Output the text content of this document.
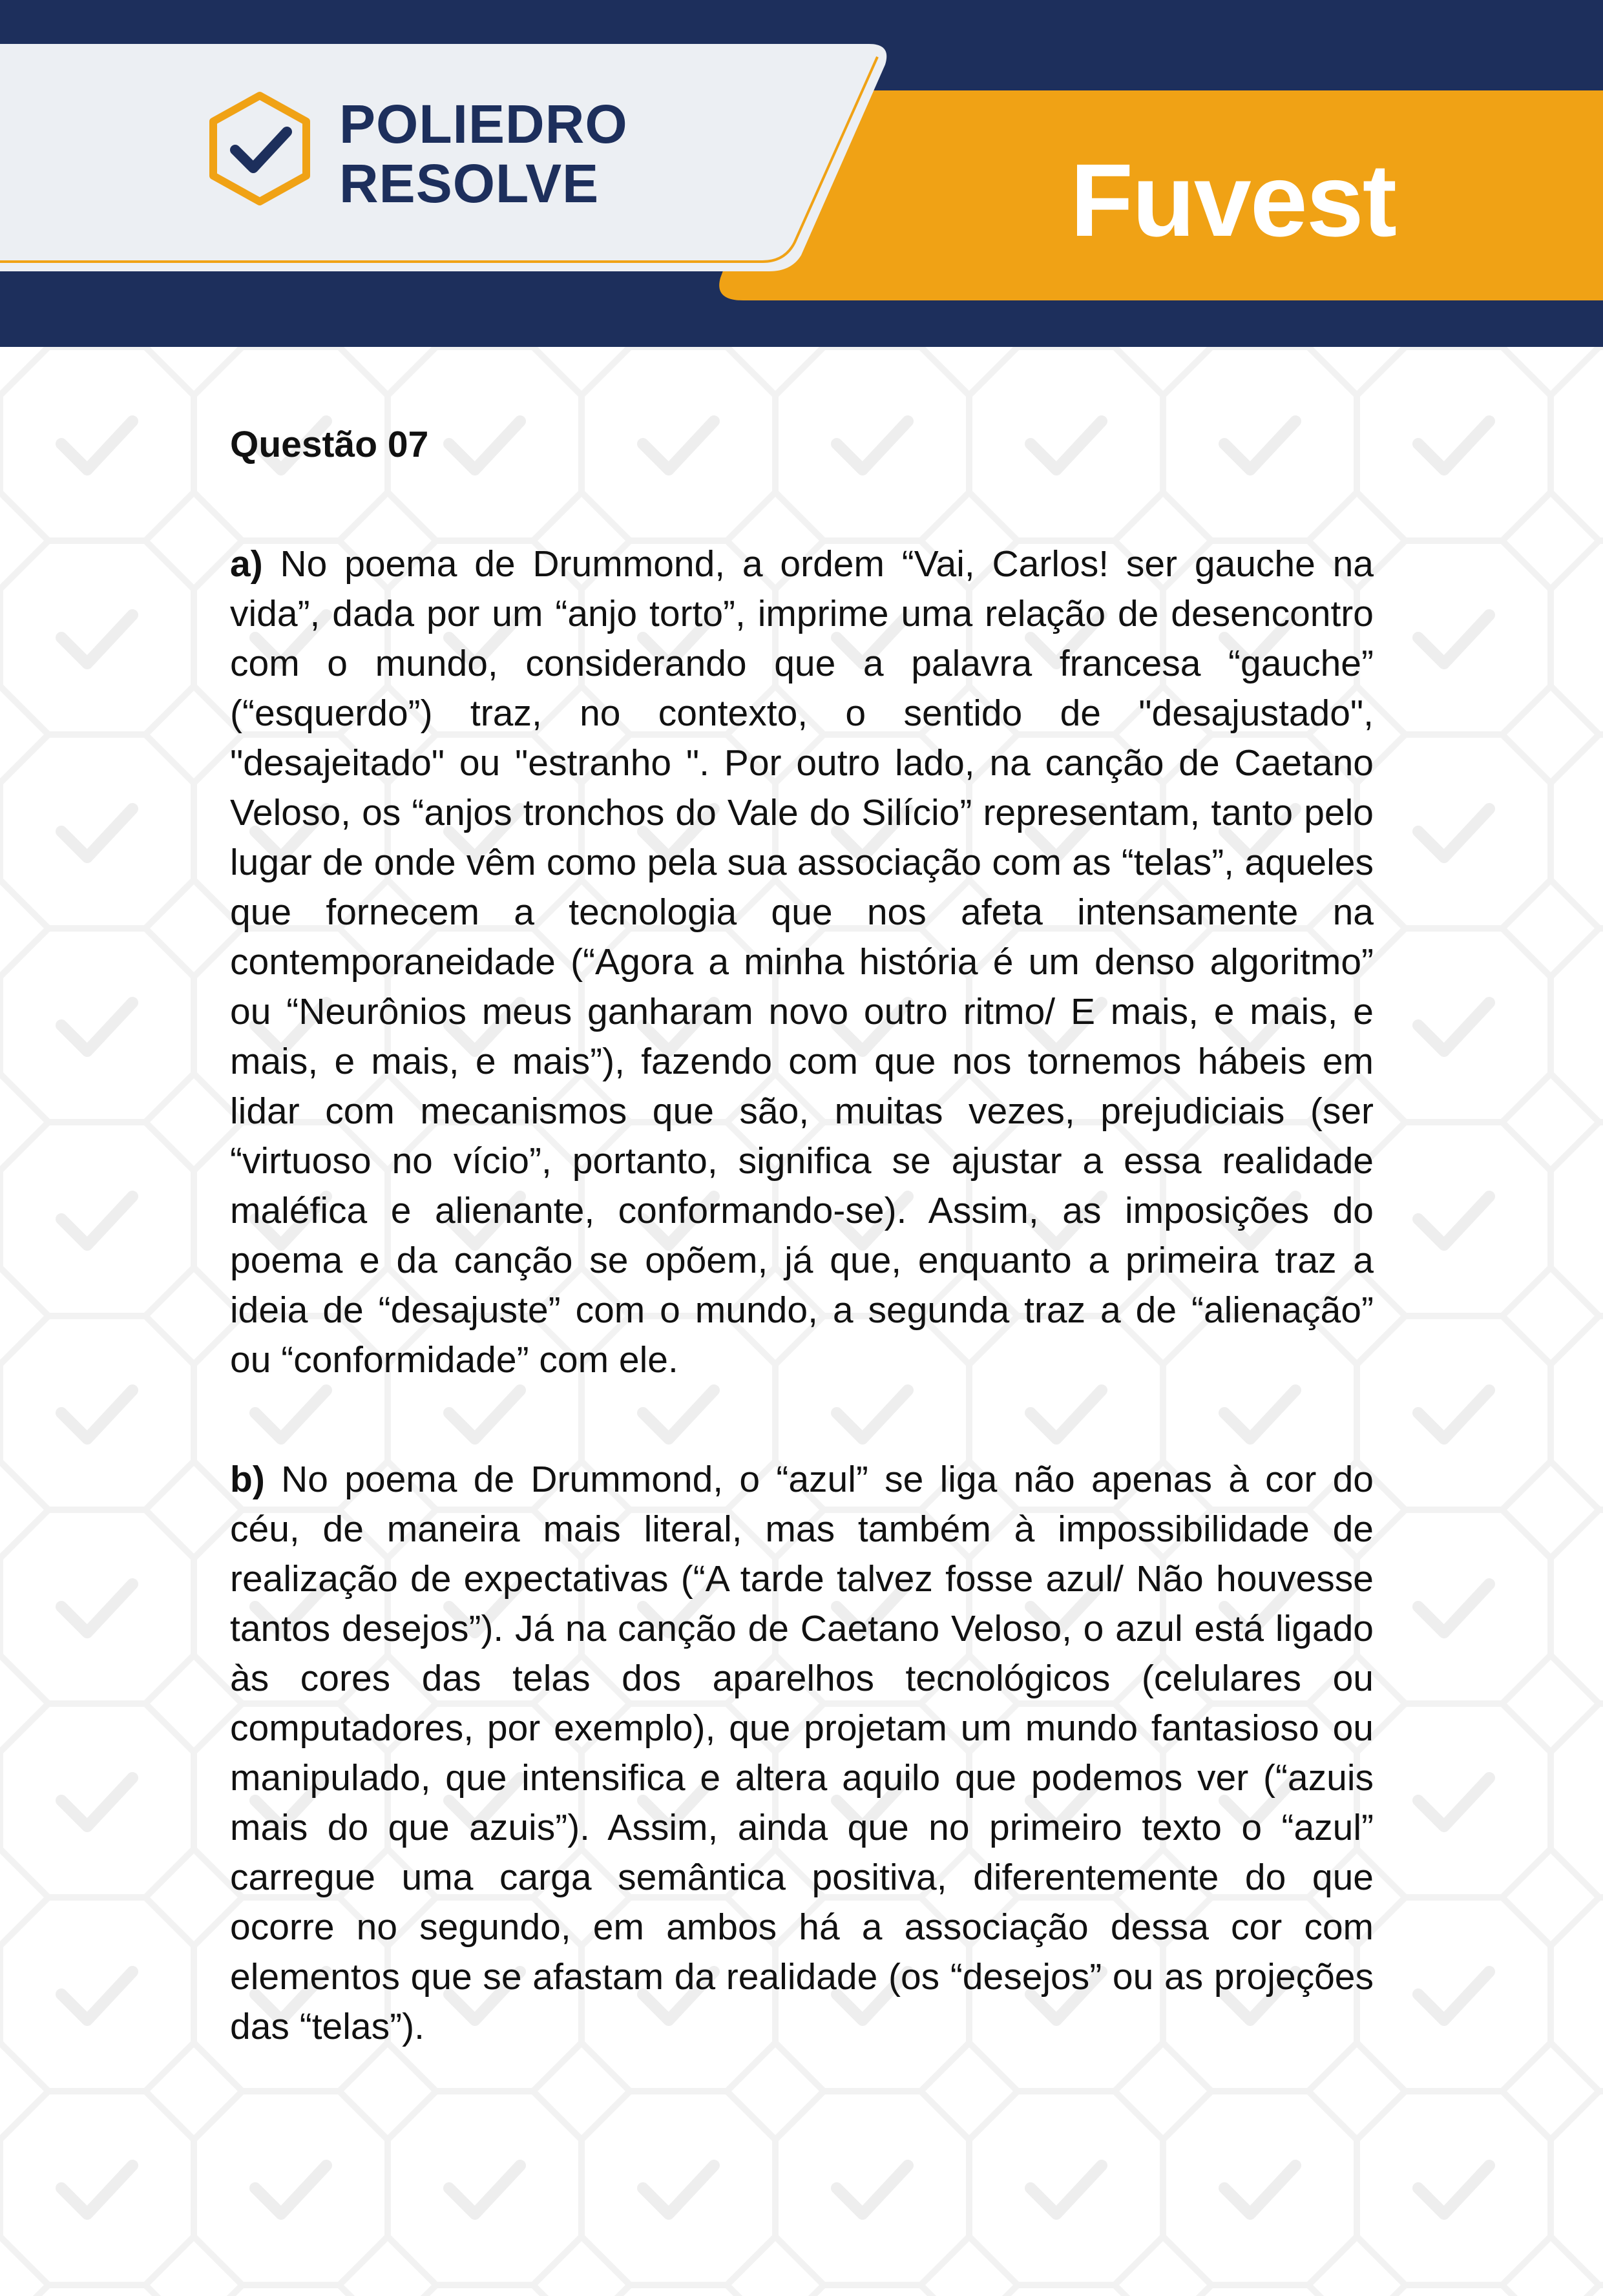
POLIEDRO
RESOLVE	Fuvest
Questão 07

a) No poema de Drummond, a ordem “Vai, Carlos! ser gauche na vida”, dada por um “anjo torto”, imprime uma relação de desencontro com o mundo, considerando que a palavra francesa “gauche” (“esquerdo”) traz, no contexto, o sentido de "desajustado", "desajeitado" ou "estranho ". Por outro lado, na canção de Caetano Veloso, os “anjos tronchos do Vale do Silício” representam, tanto pelo lugar de onde vêm como pela sua associação com as “telas”, aqueles que fornecem a tecnologia que nos afeta intensamente na contemporaneidade (“Agora a minha história é um denso algoritmo” ou “Neurônios meus ganharam novo outro ritmo/ E mais, e mais, e mais, e mais, e mais”), fazendo com que nos tornemos hábeis em lidar com mecanismos que são, muitas vezes, prejudiciais (ser “virtuoso no vício”, portanto, significa se ajustar a essa realidade maléfica e alienante, conformando-se). Assim, as imposições do poema e da canção se opõem, já que, enquanto a primeira traz a ideia de “desajuste” com o mundo, a segunda traz a de “alienação” ou “conformidade” com ele.

b) No poema de Drummond, o “azul” se liga não apenas à cor do céu, de maneira mais literal, mas também à impossibilidade de realização de expectativas (“A tarde talvez fosse azul/ Não houvesse tantos desejos”). Já na canção de Caetano Veloso, o azul está ligado às cores das telas dos aparelhos tecnológicos (celulares ou computadores, por exemplo), que projetam um mundo fantasioso ou manipulado, que intensifica e altera aquilo que podemos ver (“azuis mais do que azuis”). Assim, ainda que no primeiro texto o “azul” carregue uma carga semântica positiva, diferentemente do que ocorre no segundo, em ambos há a associação dessa cor com elementos que se afastam da realidade (os “desejos” ou as projeções das “telas”).
